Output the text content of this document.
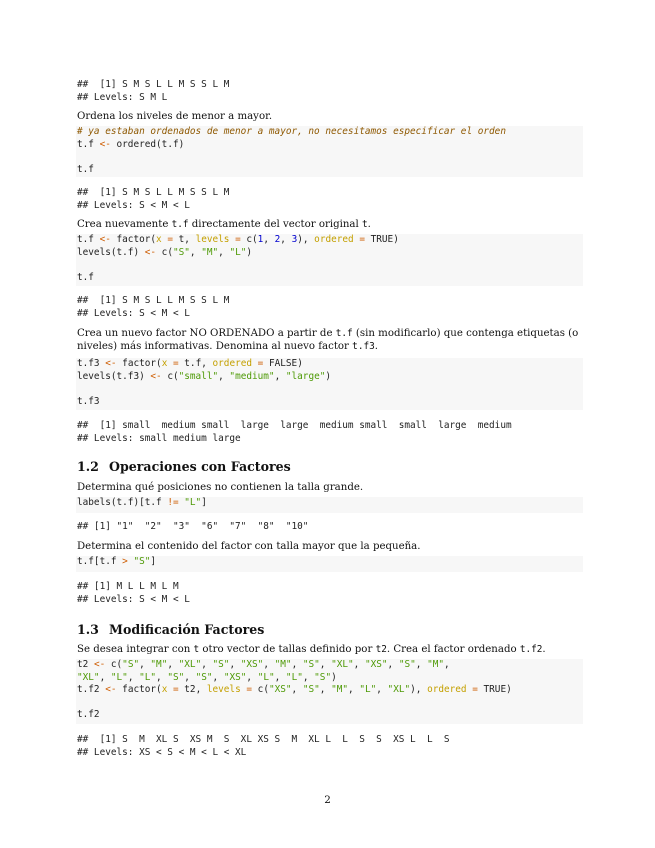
##  [1] S M S L L M S S L M
## Levels: S M L
Ordena los niveles de menor a mayor.
# ya estaban ordenados de menor a mayor, no necesitamos especificar el orden
t.f <- ordered(t.f)

t.f
##  [1] S M S L L M S S L M
## Levels: S < M < L
Crea nuevamente t.f directamente del vector original t.
t.f <- factor(x = t, levels = c(1, 2, 3), ordered = TRUE)
levels(t.f) <- c("S", "M", "L")

t.f
##  [1] S M S L L M S S L M
## Levels: S < M < L
Crea un nuevo factor NO ORDENADO a partir de t.f (sin modificarlo) que contenga etiquetas (o niveles) más informativas. Denomina al nuevo factor t.f3.
t.f3 <- factor(x = t.f, ordered = FALSE)
levels(t.f3) <- c("small", "medium", "large")

t.f3
##  [1] small  medium small  large  large  medium small  small  large  medium
## Levels: small medium large
1.2 Operaciones con Factores
Determina qué posiciones no contienen la talla grande.
labels(t.f)[t.f != "L"]
## [1] "1"  "2"  "3"  "6"  "7"  "8"  "10"
Determina el contenido del factor con talla mayor que la pequeña.
t.f[t.f > "S"]
## [1] M L L M L M
## Levels: S < M < L
1.3 Modificación Factores
Se desea integrar con t otro vector de tallas definido por t2. Crea el factor ordenado t.f2.
t2 <- c("S", "M", "XL", "S", "XS", "M", "S", "XL", "XS", "S", "M",
"XL", "L", "L", "S", "S", "XS", "L", "L", "S")
t.f2 <- factor(x = t2, levels = c("XS", "S", "M", "L", "XL"), ordered = TRUE)

t.f2
##  [1] S  M  XL S  XS M  S  XL XS S  M  XL L  L  S  S  XS L  L  S
## Levels: XS < S < M < L < XL
2
